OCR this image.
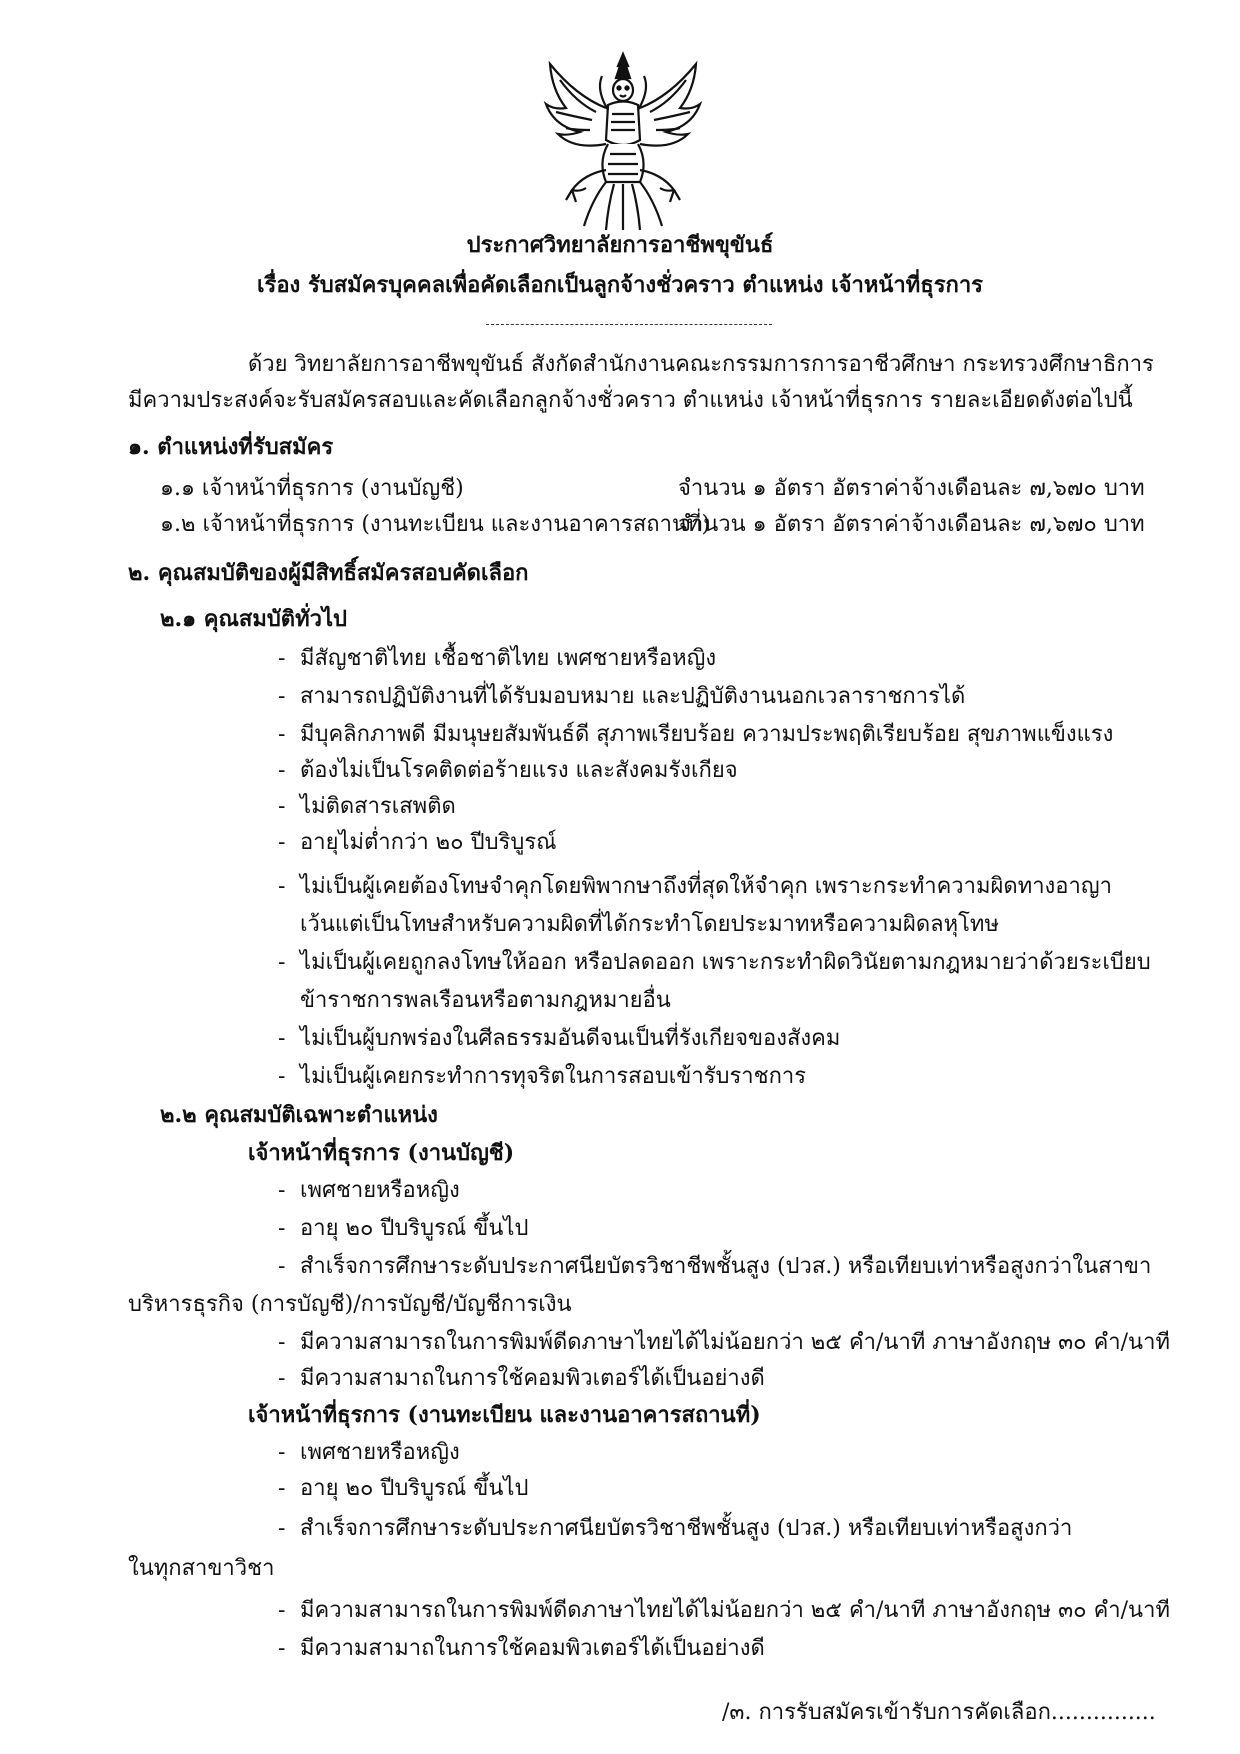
ประกาศวิทยาลัยการอาชีพขุขันธ์
เรื่อง รับสมัครบุคคลเพื่อคัดเลือกเป็นลูกจ้างชั่วคราว ตำแหน่ง เจ้าหน้าที่ธุรการ
ด้วย วิทยาลัยการอาชีพขุขันธ์ สังกัดสำนักงานคณะกรรมการการอาชีวศึกษา กระทรวงศึกษาธิการ
มีความประสงค์จะรับสมัครสอบและคัดเลือกลูกจ้างชั่วคราว ตำแหน่ง เจ้าหน้าที่ธุรการ รายละเอียดดังต่อไปนี้
๑. ตำแหน่งที่รับสมัคร
๑.๑ เจ้าหน้าที่ธุรการ (งานบัญชี)	จำนวน ๑ อัตรา อัตราค่าจ้างเดือนละ ๗,๖๗๐ บาท
๑.๒ เจ้าหน้าที่ธุรการ (งานทะเบียน และงานอาคารสถานที่)
จำนวน ๑ อัตรา อัตราค่าจ้างเดือนละ ๗,๖๗๐ บาท
๒. คุณสมบัติของผู้มีสิทธิ์สมัครสอบคัดเลือก
๒.๑ คุณสมบัติทั่วไป
- มีสัญชาติไทย เชื้อชาติไทย เพศชายหรือหญิง
- สามารถปฏิบัติงานที่ได้รับมอบหมาย และปฏิบัติงานนอกเวลาราชการได้
- มีบุคลิกภาพดี มีมนุษยสัมพันธ์ดี สุภาพเรียบร้อย ความประพฤติเรียบร้อย สุขภาพแข็งแรง
- ต้องไม่เป็นโรคติดต่อร้ายแรง และสังคมรังเกียจ
- ไม่ติดสารเสพติด
- อายุไม่ต่ำกว่า ๒๐ ปีบริบูรณ์
- ไม่เป็นผู้เคยต้องโทษจำคุกโดยพิพากษาถึงที่สุดให้จำคุก เพราะกระทำความผิดทางอาญา
เว้นแต่เป็นโทษสำหรับความผิดที่ได้กระทำโดยประมาทหรือความผิดลหุโทษ
- ไม่เป็นผู้เคยถูกลงโทษให้ออก หรือปลดออก เพราะกระทำผิดวินัยตามกฎหมายว่าด้วยระเบียบ
ข้าราชการพลเรือนหรือตามกฎหมายอื่น
- ไม่เป็นผู้บกพร่องในศีลธรรมอันดีจนเป็นที่รังเกียจของสังคม
- ไม่เป็นผู้เคยกระทำการทุจริตในการสอบเข้ารับราชการ
๒.๒ คุณสมบัติเฉพาะตำแหน่ง
เจ้าหน้าที่ธุรการ (งานบัญชี)
- เพศชายหรือหญิง
- อายุ ๒๐ ปีบริบูรณ์ ขึ้นไป
- สำเร็จการศึกษาระดับประกาศนียบัตรวิชาชีพชั้นสูง (ปวส.) หรือเทียบเท่าหรือสูงกว่าในสาขา
บริหารธุรกิจ (การบัญชี)/การบัญชี/บัญชีการเงิน
- มีความสามารถในการพิมพ์ดีดภาษาไทยได้ไม่น้อยกว่า ๒๕ คำ/นาที ภาษาอังกฤษ ๓๐ คำ/นาที
- มีความสามาถในการใช้คอมพิวเตอร์ได้เป็นอย่างดี
เจ้าหน้าที่ธุรการ (งานทะเบียน และงานอาคารสถานที่)
- เพศชายหรือหญิง
- อายุ ๒๐ ปีบริบูรณ์ ขึ้นไป
- สำเร็จการศึกษาระดับประกาศนียบัตรวิชาชีพชั้นสูง (ปวส.) หรือเทียบเท่าหรือสูงกว่า
ในทุกสาขาวิชา
- มีความสามารถในการพิมพ์ดีดภาษาไทยได้ไม่น้อยกว่า ๒๕ คำ/นาที ภาษาอังกฤษ ๓๐ คำ/นาที
- มีความสามาถในการใช้คอมพิวเตอร์ได้เป็นอย่างดี
/๓. การรับสมัครเข้ารับการคัดเลือก...............
